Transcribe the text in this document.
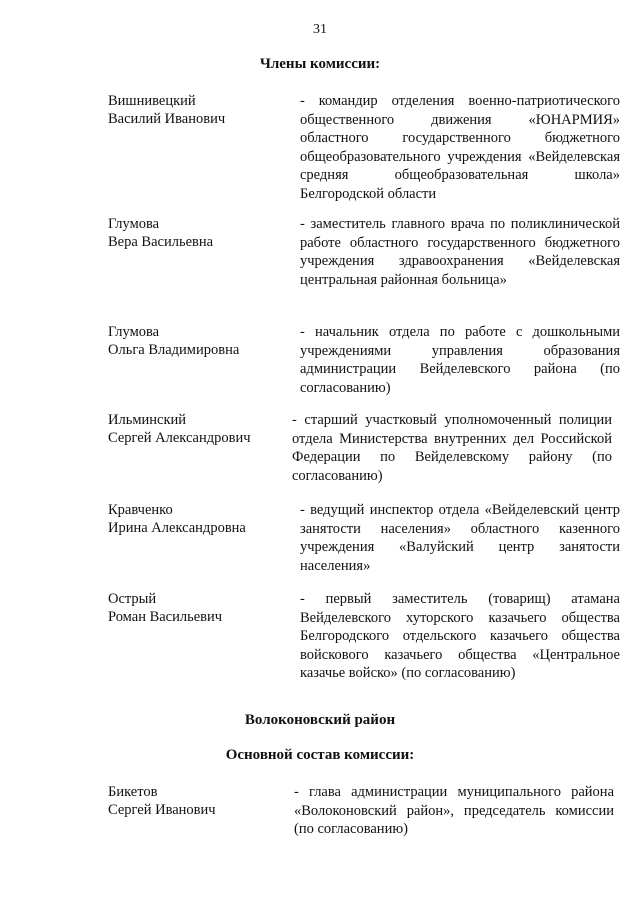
31
Члены комиссии:
Вишнивецкий
Василий Иванович
- командир отделения военно-патриотического общественного движения «ЮНАРМИЯ» областного государственного бюджетного общеобразовательного учреждения «Вейделевская средняя общеобразовательная школа» Белгородской области
Глумова
Вера Васильевна
- заместитель главного врача по поликлинической работе областного государственного бюджетного учреждения здравоохранения «Вейделевская центральная районная больница»
Глумова
Ольга Владимировна
- начальник отдела по работе с дошкольными учреждениями управления образования администрации Вейделевского района (по согласованию)
Ильминский
Сергей Александрович
- старший участковый уполномоченный полиции отдела Министерства внутренних дел Российской Федерации по Вейделевскому району (по согласованию)
Кравченко
Ирина Александровна
- ведущий инспектор отдела «Вейделевский центр занятости населения» областного казенного учреждения «Валуйский центр занятости населения»
Острый
Роман Васильевич
- первый заместитель (товарищ) атамана Вейделевского хуторского казачьего общества Белгородского отдельского казачьего общества войскового казачьего общества «Центральное казачье войско» (по согласованию)
Волоконовский район
Основной состав комиссии:
Бикетов
Сергей Иванович
- глава администрации муниципального района «Волоконовский район», председатель комиссии (по согласованию)
